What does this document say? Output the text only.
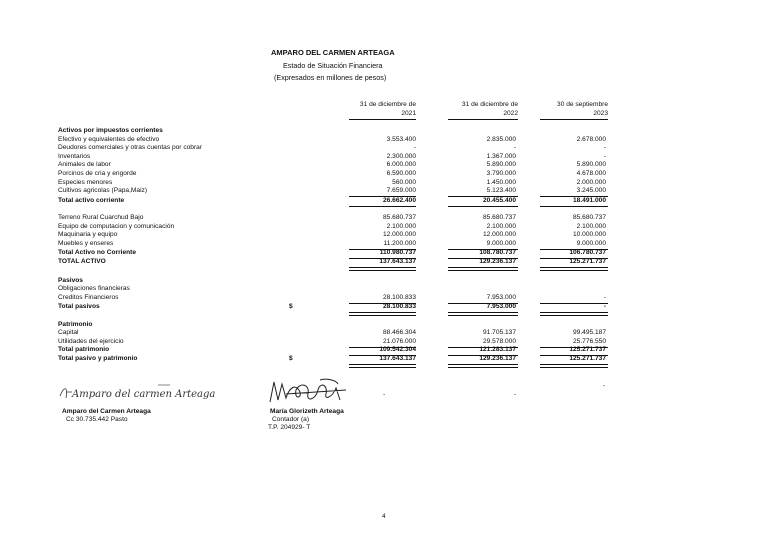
AMPARO DEL CARMEN ARTEAGA
Estado de Situación Financiera
(Expresados en millones de pesos)
31 de diciembre de
2021
31 de diciembre de
2022
30 de septiembre
2023
Activos por impuestos corrientes
Efectivo y equivalentes de efectivo	3.553.400	2.835.000	2.678.000
Deudores comerciales y otras cuentas por cobrar	-	-	-
Inventarios	2.300.000	1.367.000	-
Animales de labor	6.000.000	5.890.000	5.890.000
Porcinos de cria y engorde	6.590.000	3.790.000	4.678.000
Especies menores	560.000	1.450.000	2.000.000
Cultivos agricolas (Papa,Maiz)	7.659.000	5.123.400	3.245.000
Total activo corriente	26.662.400	20.455.400	18.491.000
Terreno Rural Cuarchud Bajo	85.680.737	85.680.737	85.680.737
Equipo de computacion y comunicación	2.100.000	2.100.000	2.100.000
Maquinaria y equipo	12.000.000	12.000.000	10.000.000
Muebles y enseres	11.200.000	9.000.000	9.000.000
Total Activo no Corriente	110.980.737	108.780.737	106.780.737
TOTAL ACTIVO	137.643.137	129.236.137	125.271.737
Pasivos
Obligaciones financieras
Creditos Financieros	28.100.833	7.953.000	-
Total pasivos	$	28.100.833	7.953.000	-
Patrimonio
Capital	88.466.304	91.705.137	99.495.187
Utilidades del ejercicio	21.076.000	29.578.000	25.776.550
Total patrimonio	109.542.304	121.283.137	125.271.737
Total pasivo y patrimonio	$	137.643.137	129.236.137	125.271.737
Amparo del carmen Arteaga
Amparo del Carmen Arteaga
Cc 30.735.442 Pasto
-	-
-
María Glorizeth Arteaga
Contador (a)
T.P. 204929- T
4
